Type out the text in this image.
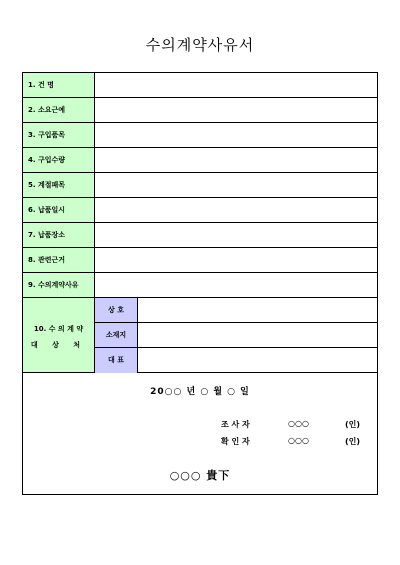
수의계약사유서
1. 건 명
2. 소요근예
3. 구입품목
4. 구입수량
5. 계절패목
6. 납품일시
7. 납품장소
8. 관련근거
9. 수의계약사유
10. 수 의 계 약
대 상 처
상 호
소재지
대 표
20○○ 년 ○ 월 ○ 일
조 사 자	○○○	(인)
확 인 자	○○○	(인)
○○○ 貴下
